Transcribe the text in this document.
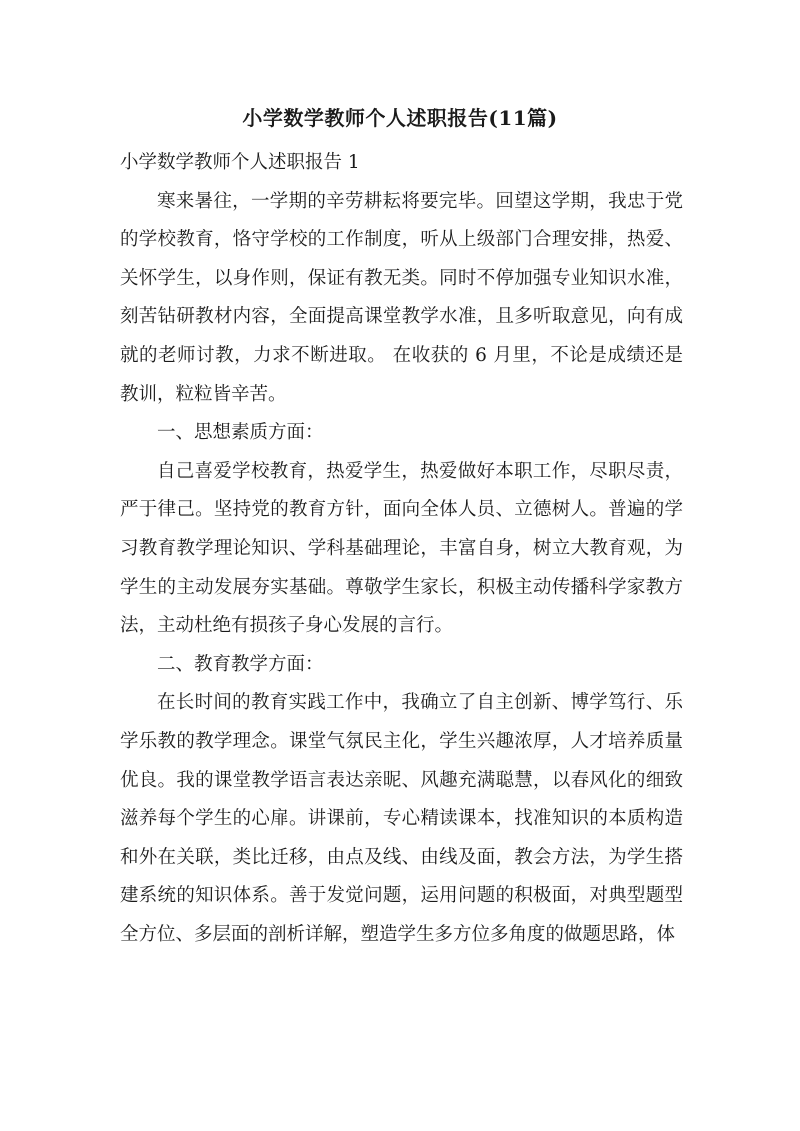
小学数学教师个人述职报告(11篇)

小学数学教师个人述职报告 1

寒来暑往，一学期的辛劳耕耘将要完毕。回望这学期，我忠于党的学校教育，恪守学校的工作制度，听从上级部门合理安排，热爱、关怀学生，以身作则，保证有教无类。同时不停加强专业知识水准，刻苦钻研教材内容，全面提高课堂教学水准，且多听取意见，向有成就的老师讨教，力求不断进取。 在收获的 6 月里，不论是成绩还是教训，粒粒皆辛苦。

一、思想素质方面：

自己喜爱学校教育，热爱学生，热爱做好本职工作，尽职尽责，严于律己。坚持党的教育方针，面向全体人员、立德树人。普遍的学习教育教学理论知识、学科基础理论，丰富自身，树立大教育观，为学生的主动发展夯实基础。尊敬学生家长，积极主动传播科学家教方法，主动杜绝有损孩子身心发展的言行。

二、教育教学方面：

在长时间的教育实践工作中，我确立了自主创新、博学笃行、乐学乐教的教学理念。课堂气氛民主化，学生兴趣浓厚，人才培养质量优良。我的课堂教学语言表达亲昵、风趣充满聪慧，以春风化的细致滋养每个学生的心扉。讲课前，专心精读课本，找准知识的本质构造和外在关联，类比迁移，由点及线、由线及面，教会方法，为学生搭建系统的知识体系。善于发觉问题，运用问题的积极面，对典型题型全方位、多层面的剖析详解，塑造学生多方位多角度的做题思路，体
